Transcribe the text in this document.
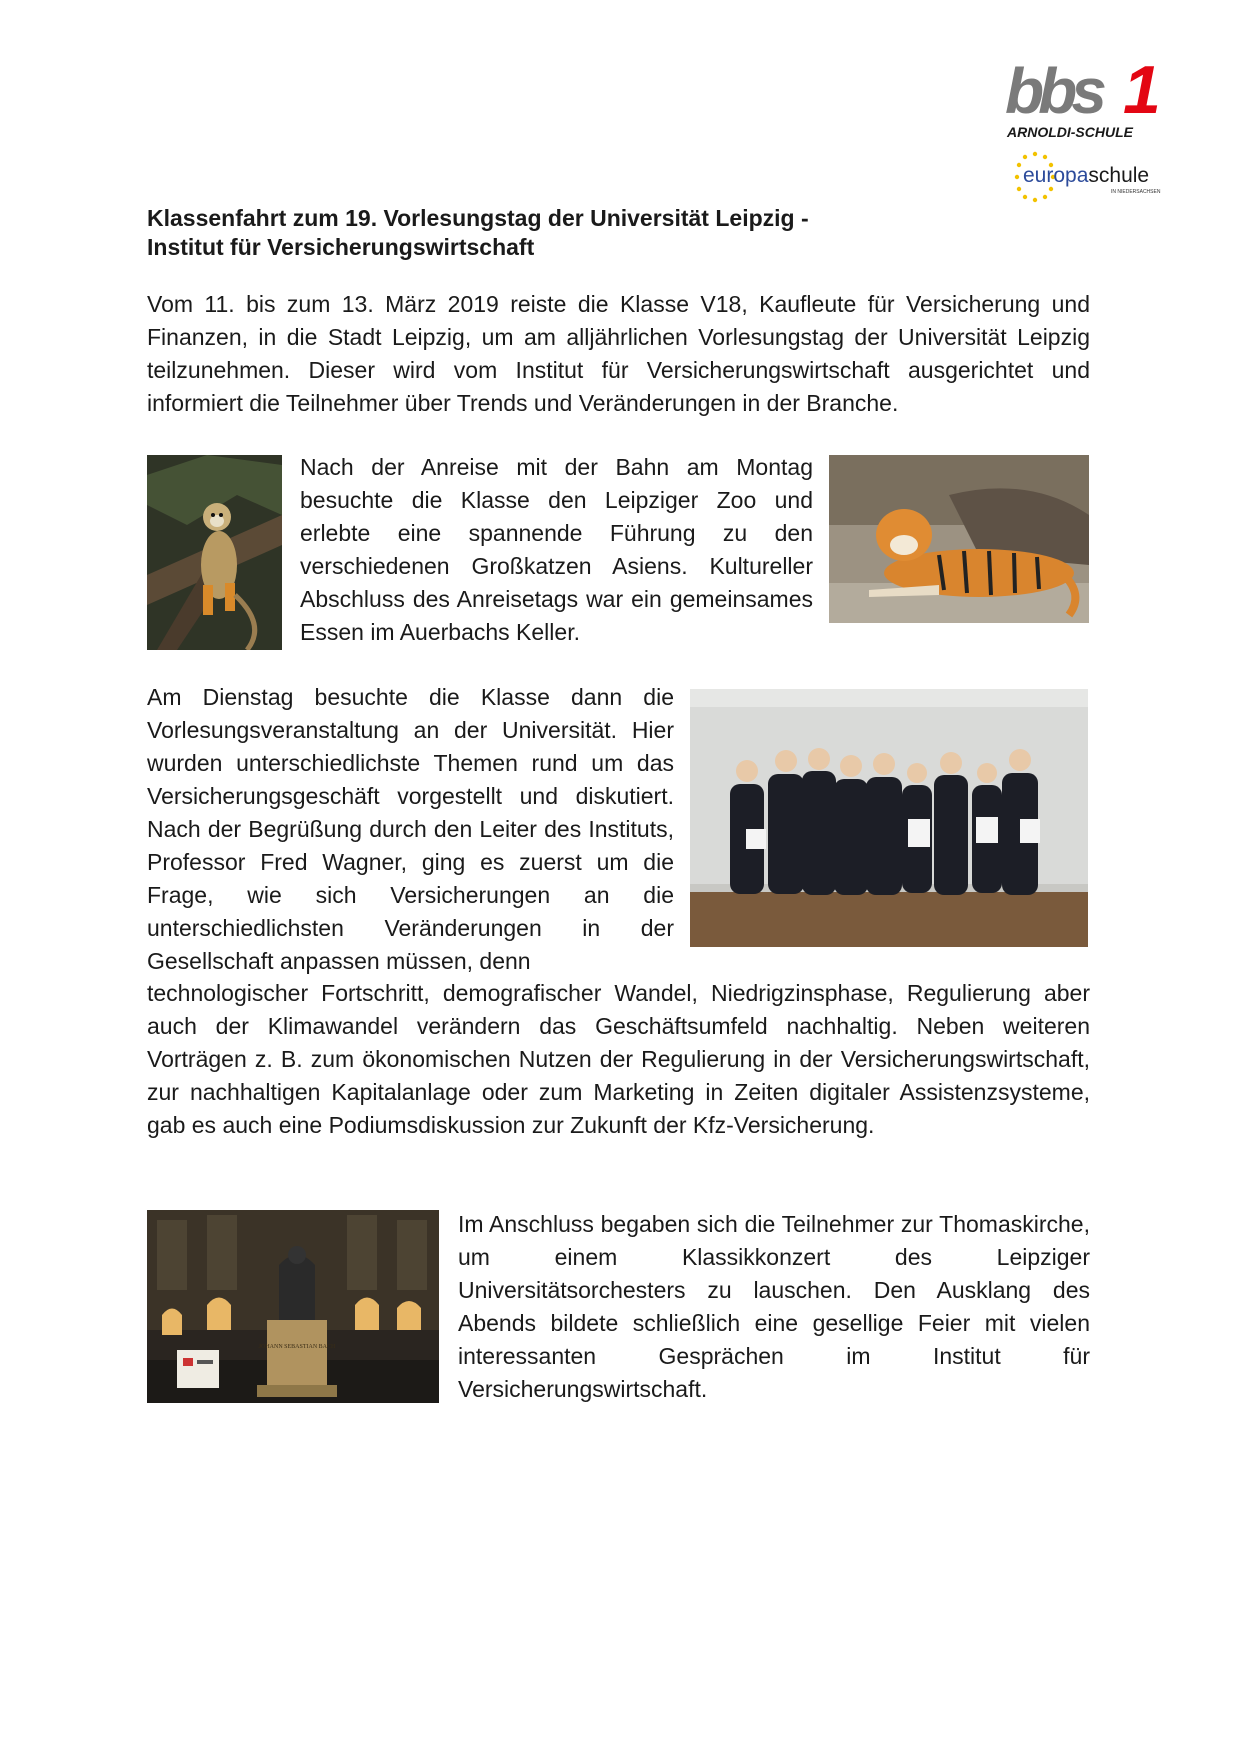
bbs 1
ARNOLDI-SCHULE
europaschule
IN NIEDERSACHSEN
Klassenfahrt zum 19. Vorlesungstag der Universität Leipzig -
Institut für Versicherungswirtschaft
Vom 11. bis zum 13. März 2019 reiste die Klasse V18, Kaufleute für Versicherung und Finanzen, in die Stadt Leipzig, um am alljährlichen Vorlesungstag der Universität Leipzig teilzunehmen. Dieser wird vom Institut für Versicherungswirtschaft ausgerichtet und informiert die Teilnehmer über Trends und Veränderungen in der Branche.
Nach der Anreise mit der Bahn am Montag besuchte die Klasse den Leipziger Zoo und erlebte eine spannende Führung zu den verschiedenen Großkatzen Asiens. Kultureller Abschluss des Anreisetags war ein gemeinsames Essen im Auerbachs Keller.
Am Dienstag besuchte die Klasse dann die Vorlesungsveranstaltung an der Universität. Hier wurden unterschiedlichste Themen rund um das Versicherungsgeschäft vorgestellt und diskutiert. Nach der Begrüßung durch den Leiter des Instituts, Professor Fred Wagner, ging es zuerst um die Frage, wie sich Versicherungen an die unterschiedlichsten Veränderungen in der Gesellschaft anpassen müssen, denn
technologischer Fortschritt, demografischer Wandel, Niedrigzinsphase, Regulierung aber auch der Klimawandel verändern das Geschäftsumfeld nachhaltig. Neben weiteren Vorträgen z. B. zum ökonomischen Nutzen der Regulierung in der Versicherungswirtschaft, zur nachhaltigen Kapitalanlage oder zum Marketing in Zeiten digitaler Assistenzsysteme, gab es auch eine Podiumsdiskussion zur Zukunft der Kfz-Versicherung.
JOHANN SEBASTIAN BACH
Im Anschluss begaben sich die Teilnehmer zur Thomaskirche, um einem Klassikkonzert des Leipziger Universitätsorchesters zu lauschen. Den Ausklang des Abends bildete schließlich eine gesellige Feier mit vielen interessanten Gesprächen im Institut für Versicherungswirtschaft.
